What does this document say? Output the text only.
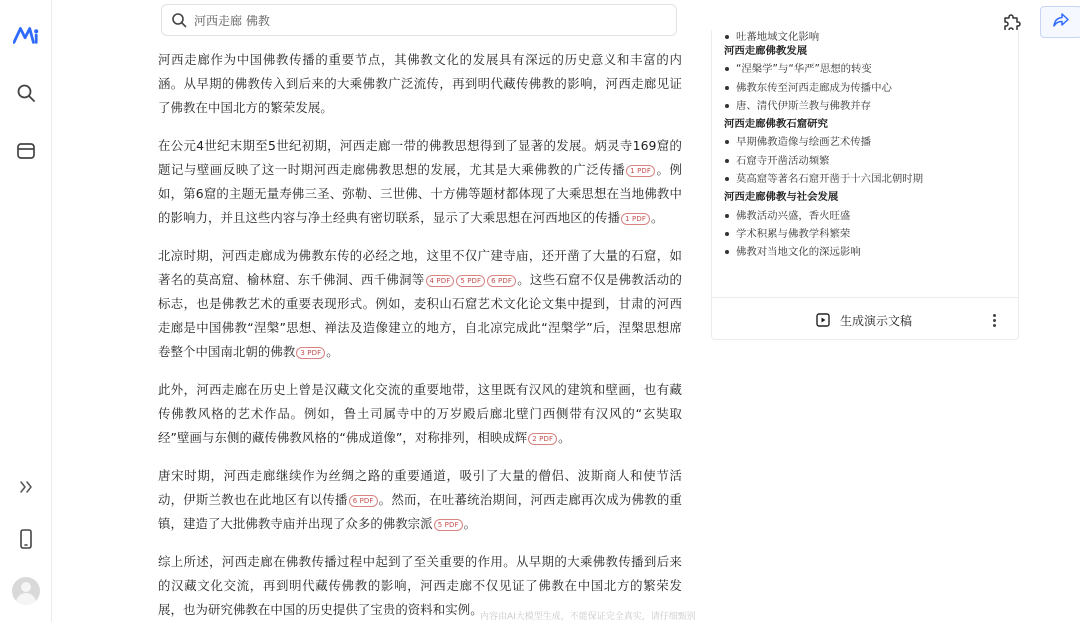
河西走廊 佛教

河西走廊作为中国佛教传播的重要节点，其佛教文化的发展具有深远的历史意义和丰富的内涵。从早期的佛教传入到后来的大乘佛教广泛流传，再到明代藏传佛教的影响，河西走廊见证了佛教在中国北方的繁荣发展。

在公元4世纪末期至5世纪初期，河西走廊一带的佛教思想得到了显著的发展。炳灵寺169窟的题记与壁画反映了这一时期河西走廊佛教思想的发展，尤其是大乘佛教的广泛传播 1 PDF 。例如，第6窟的主题无量寿佛三圣、弥勒、三世佛、十方佛等题材都体现了大乘思想在当地佛教中的影响力，并且这些内容与净土经典有密切联系，显示了大乘思想在河西地区的传播 1 PDF 。

北凉时期，河西走廊成为佛教东传的必经之地，这里不仅广建寺庙，还开凿了大量的石窟，如著名的莫高窟、榆林窟、东千佛洞、西千佛洞等 4 PDF 5 PDF 6 PDF 。这些石窟不仅是佛教活动的标志，也是佛教艺术的重要表现形式。例如，麦积山石窟艺术文化论文集中提到，甘肃的河西走廊是中国佛教“涅槃”思想、禅法及造像建立的地方，自北凉完成此“涅槃学”后，涅槃思想席卷整个中国南北朝的佛教 3 PDF 。

此外，河西走廊在历史上曾是汉藏文化交流的重要地带，这里既有汉风的建筑和壁画，也有藏传佛教风格的艺术作品。例如，鲁土司属寺中的万岁殿后廊北壁门西侧带有汉风的“玄奘取经”壁画与东侧的藏传佛教风格的“佛成道像”，对称排列，相映成辉 2 PDF 。

唐宋时期，河西走廊继续作为丝绸之路的重要通道，吸引了大量的僧侣、波斯商人和使节活动，伊斯兰教也在此地区有以传播 6 PDF 。然而，在吐蕃统治期间，河西走廊再次成为佛教的重镇，建造了大批佛教寺庙并出现了众多的佛教宗派 5 PDF 。

综上所述，河西走廊在佛教传播过程中起到了至关重要的作用。从早期的大乘佛教传播到后来的汉藏文化交流，再到明代藏传佛教的影响，河西走廊不仅见证了佛教在中国北方的繁荣发展，也为研究佛教在中国的历史提供了宝贵的资料和实例。

吐蕃地域文化影响
河西走廊佛教发展
“涅槃学”与“华严”思想的转变
佛教东传至河西走廊成为传播中心
唐、清代伊斯兰教与佛教并存
河西走廊佛教石窟研究
早期佛教造像与绘画艺术传播
石窟寺开凿活动频繁
莫高窟等著名石窟开凿于十六国北朝时期
河西走廊佛教与社会发展
佛教活动兴盛，香火旺盛
学术积累与佛教学科繁荣
佛教对当地文化的深远影响
生成演示文稿
内容由AI大模型生成，不能保证完全真实，请仔细甄别
